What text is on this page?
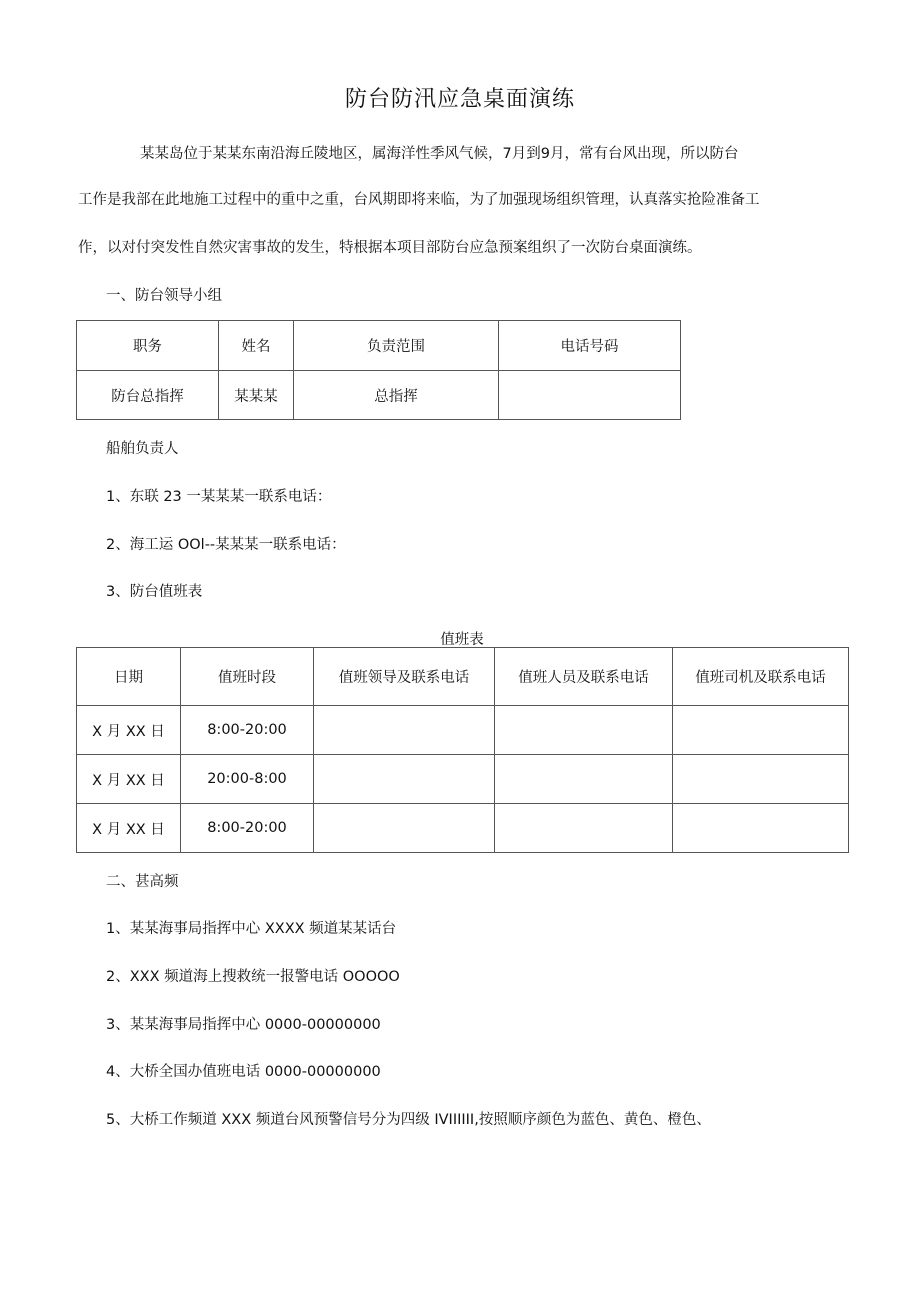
防台防汛应急桌面演练
某某岛位于某某东南沿海丘陵地区，属海洋性季风气候，7月到9月，常有台风出现，所以防台
工作是我部在此地施工过程中的重中之重，台风期即将来临，为了加强现场组织管理，认真落实抢险准备工
作，以对付突发性自然灾害事故的发生，特根据本项目部防台应急预案组织了一次防台桌面演练。
一、防台领导小组
职务	姓名	负责范围	电话号码
防台总指挥	某某某	总指挥	
船舶负责人
1、东联 23 一某某某一联系电话：
2、海工运 OOl--某某某一联系电话：
3、防台值班表
值班表
日期	值班时段	值班领导及联系电话	值班人员及联系电话	值班司机及联系电话
X 月 XX 日	8:00-20:00			
X 月 XX 日	20:00-8:00			
X 月 XX 日	8:00-20:00			
二、甚高频
1、某某海事局指挥中心 XXXX 频道某某话台
2、XXX 频道海上搜救统一报警电话 OOOOO
3、某某海事局指挥中心 0000-00000000
4、大桥全国办值班电话 0000-00000000
5、大桥工作频道 XXX 频道台风预警信号分为四级 IVIIIIII,按照顺序颜色为蓝色、黄色、橙色、
